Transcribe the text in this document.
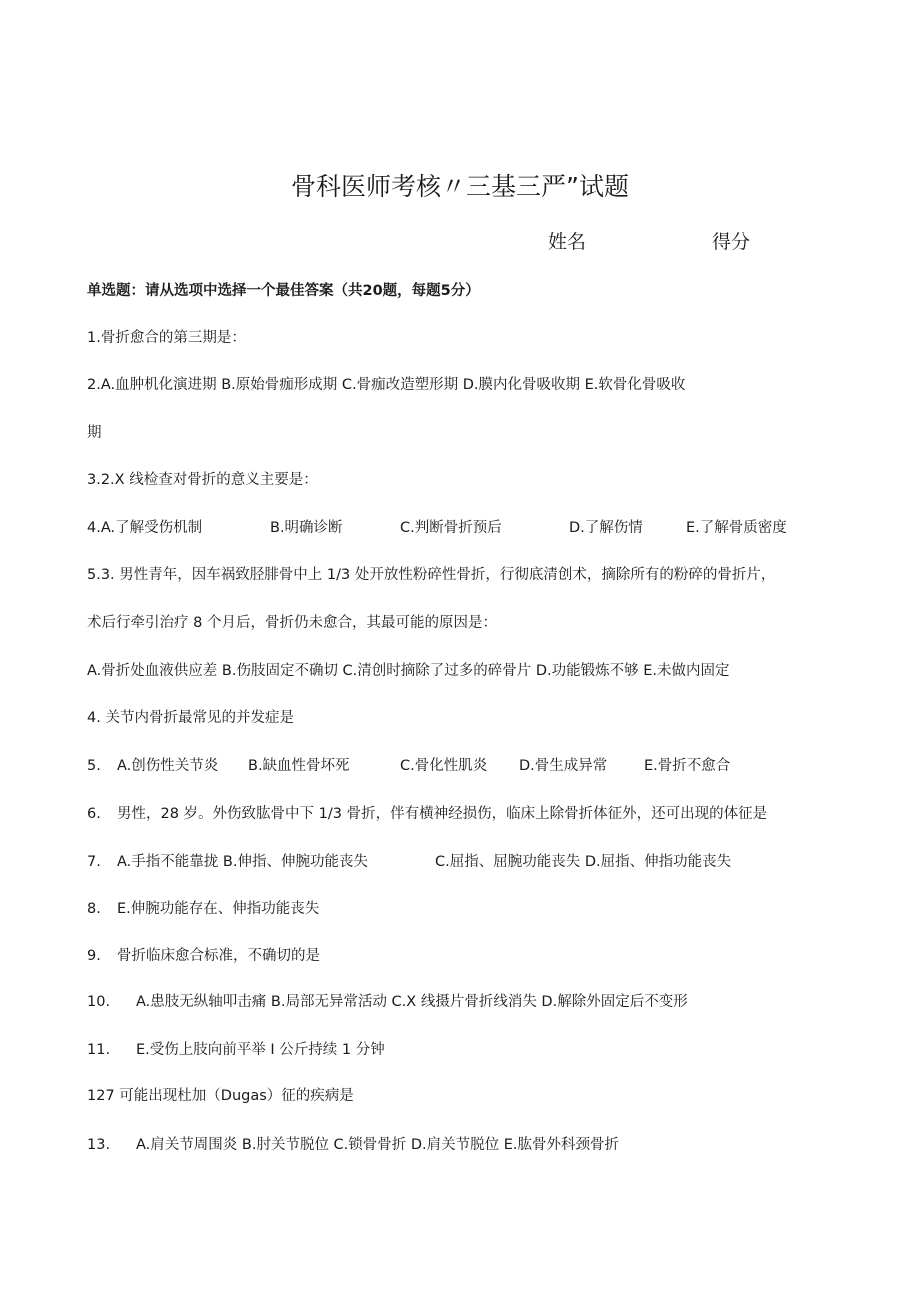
骨科医师考核〃三基三严”试题
姓名	得分
单选题：请从选项中选择一个最佳答案（共20题，每题5分）
1.骨折愈合的第三期是：
2.A.血肿机化演进期 B.原始骨痂形成期 C.骨痂改造塑形期 D.膜内化骨吸收期 E.软骨化骨吸收
期
3.2.X 线检查对骨折的意义主要是：
4.A.了解受伤机制	B.明确诊断	C.判断骨折预后	D.了解伤情	E.了解骨质密度
5.3. 男性青年，因车祸致胫腓骨中上 1/3 处开放性粉碎性骨折，行彻底清创术，摘除所有的粉碎的骨折片，
术后行牵引治疗 8 个月后，骨折仍未愈合，其最可能的原因是：
A.骨折处血液供应差 B.伤肢固定不确切 C.清创时摘除了过多的碎骨片 D.功能锻炼不够 E.未做内固定
4. 关节内骨折最常见的并发症是
5. A.创伤性关节炎 B.缺血性骨坏死	C.骨化性肌炎 D.骨生成异常	E.骨折不愈合
6. 男性，28 岁。外伤致肱骨中下 1/3 骨折，伴有横神经损伤，临床上除骨折体征外，还可出现的体征是
7. A.手指不能靠拢 B.伸指、伸腕功能丧失	C.屈指、屈腕功能丧失 D.屈指、伸指功能丧失
8. E.伸腕功能存在、伸指功能丧失
9. 骨折临床愈合标准，不确切的是
10. A.患肢无纵轴叩击痛 B.局部无异常活动 C.X 线摄片骨折线消失 D.解除外固定后不变形
11. E.受伤上肢向前平举 I 公斤持续 1 分钟
127 可能出现杜加（Dugas）征的疾病是
13. A.肩关节周围炎 B.肘关节脱位 C.锁骨骨折 D.肩关节脱位 E.肱骨外科颈骨折
